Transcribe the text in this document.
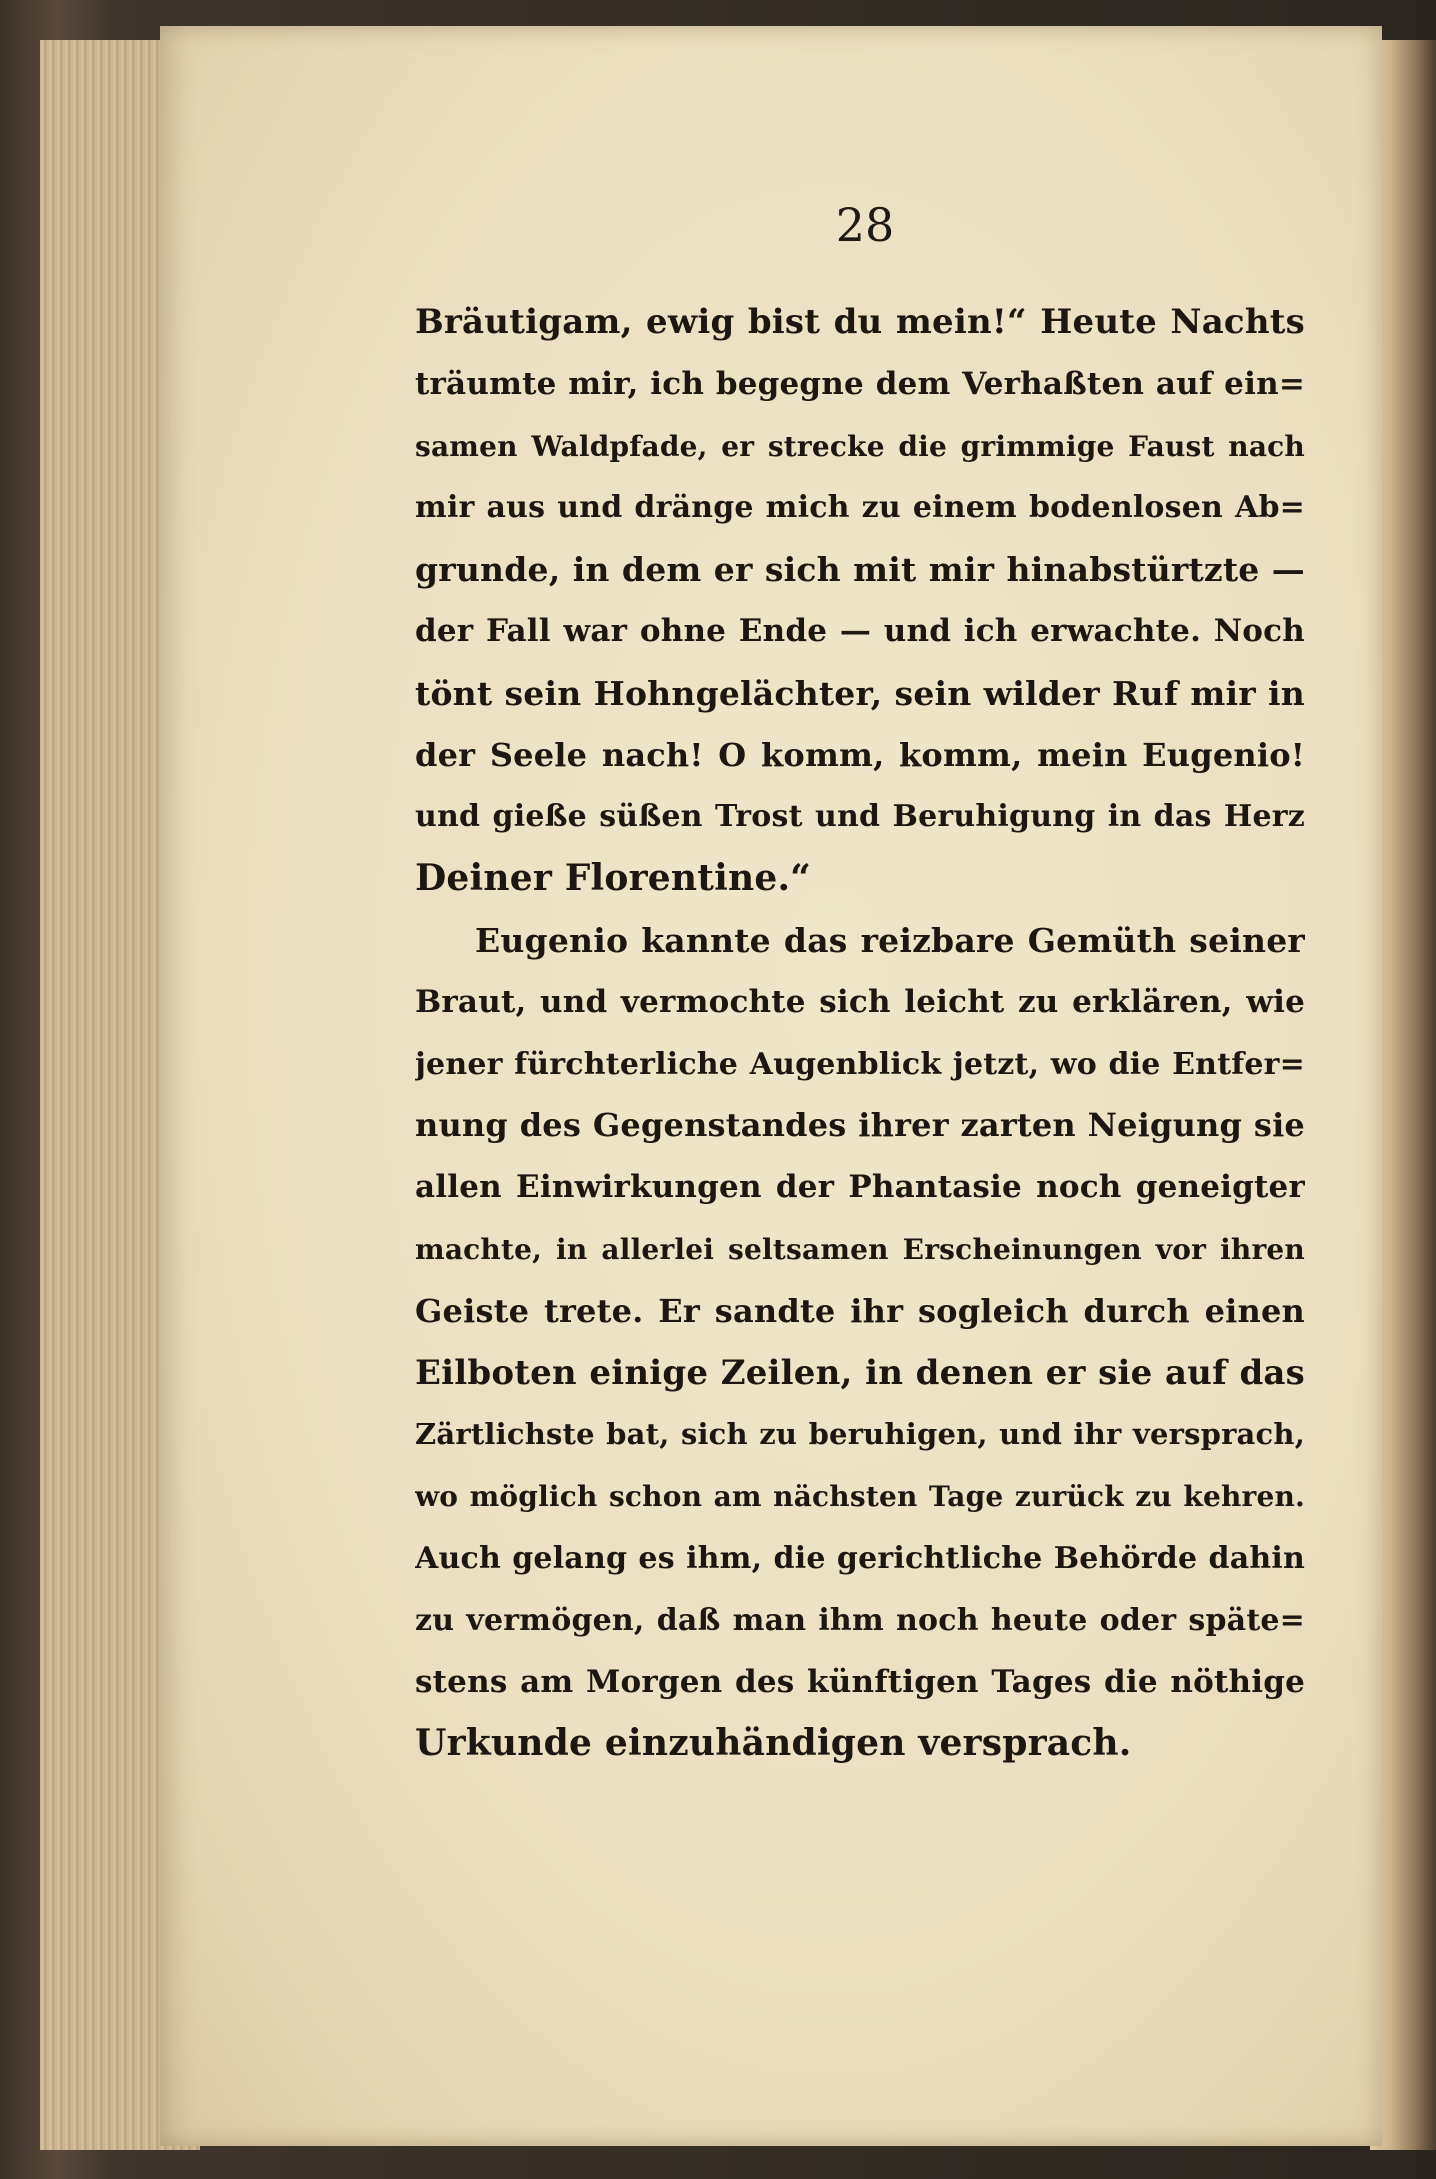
28
Bräutigam, ewig bist du mein!“ Heute Nachts
träumte mir, ich begegne dem Verhaßten auf ein=
samen Waldpfade, er strecke die grimmige Faust nach
mir aus und dränge mich zu einem bodenlosen Ab=
grunde, in dem er sich mit mir hinabstürtzte —
der Fall war ohne Ende — und ich erwachte. Noch
tönt sein Hohngelächter, sein wilder Ruf mir in
der Seele nach! O komm, komm, mein Eugenio!
und gieße süßen Trost und Beruhigung in das Herz
Deiner Florentine.“
Eugenio kannte das reizbare Gemüth seiner
Braut, und vermochte sich leicht zu erklären, wie
jener fürchterliche Augenblick jetzt, wo die Entfer=
nung des Gegenstandes ihrer zarten Neigung sie
allen Einwirkungen der Phantasie noch geneigter
machte, in allerlei seltsamen Erscheinungen vor ihren
Geiste trete. Er sandte ihr sogleich durch einen
Eilboten einige Zeilen, in denen er sie auf das
Zärtlichste bat, sich zu beruhigen, und ihr versprach,
wo möglich schon am nächsten Tage zurück zu kehren.
Auch gelang es ihm, die gerichtliche Behörde dahin
zu vermögen, daß man ihm noch heute oder späte=
stens am Morgen des künftigen Tages die nöthige
Urkunde einzuhändigen versprach.
